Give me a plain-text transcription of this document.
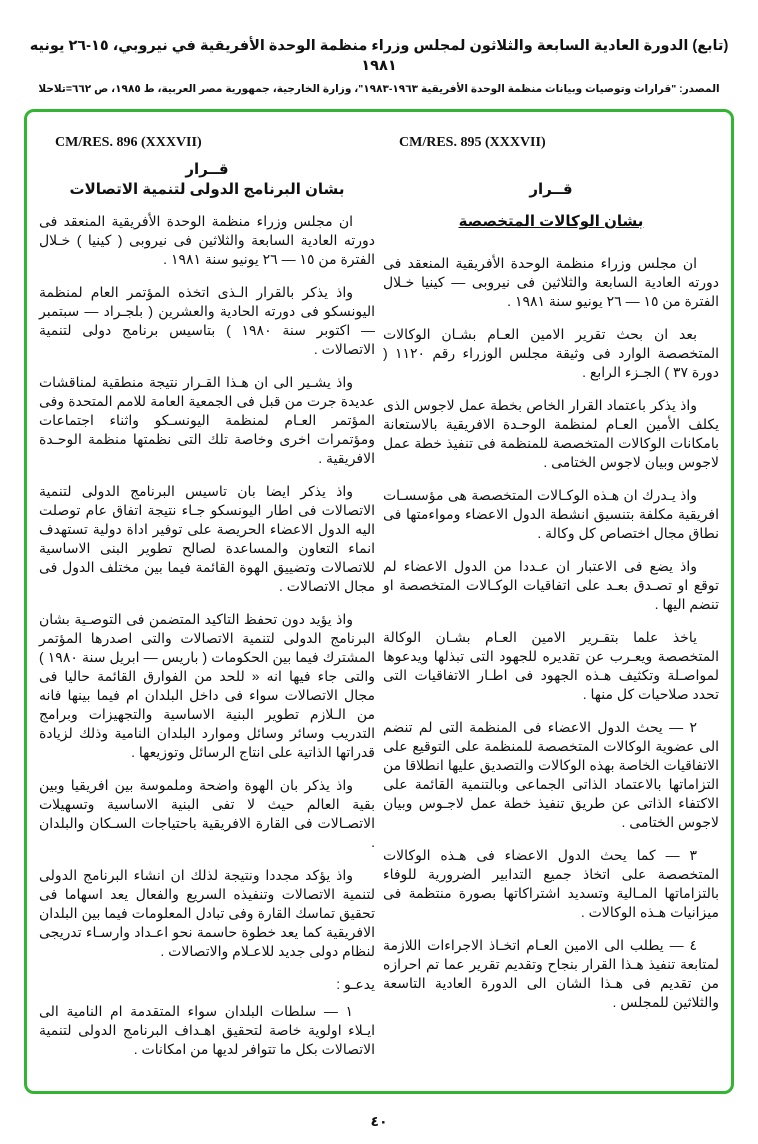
(تابع) الدورة العادية السابعة والثلاثون لمجلس وزراء منظمة الوحدة الأفريقية في نيروبي، ١٥-٢٦ يونيه ١٩٨١
المصدر: "قرارات وتوصيات وبيانات منظمة الوحدة الأفريقية ١٩٦٣-١٩٨٣"، وزارة الخارجية، جمهورية مصر العربية، ط ١٩٨٥، ص ٦٦٢=تلاحلا
CM/RES. 896 (XXXVII)
قــرار
بشان البرنامج الدولى لتنمية الاتصالات
ان مجلس وزراء منظمة الوحدة الأفريقية المنعقد فى دورته العادية السابعة والثلاثين فى نيروبى ( كينيا ) خـلال الفترة من ١٥ — ٢٦ يونيو سنة ١٩٨١ .
واذ يذكر بالقرار الـذى اتخذه المؤتمر العام لمنظمة اليونسكو فى دورته الحادية والعشرين ( بلجـراد — سبتمبر — اكتوبر سنة ١٩٨٠ ) بتاسيس برنامج دولى لتنمية الاتصالات .
واذ يشـير الى ان هـذا القـرار نتيجة منطقية لمناقشات عديدة جرت من قبل فى الجمعية العامة للامم المتحدة وفى المؤتمر العـام لمنظمة اليونسـكو واثناء اجتماعات ومؤتمرات اخرى وخاصة تلك التى نظمتها منظمة الوحـدة الافريقية .
واذ يذكر ايضا بان تاسيس البرنامج الدولى لتنمية الاتصالات فى اطار اليونسكو جـاء نتيجة اتفاق عام توصلت اليه الدول الاعضاء الحريصة على توفير اداة دولية تستهدف انماء التعاون والمساعدة لصالح تطوير البنى الاساسية للاتصالات وتضييق الهوة القائمة فيما بين مختلف الدول فى مجال الاتصالات .
واذ يؤيد دون تحفظ التاكيد المتضمن فى التوصـية بشان البرنامج الدولى لتنمية الاتصالات والتى اصدرها المؤتمر المشترك فيما بين الحكومات ( باريس — ابريل سنة ١٩٨٠ ) والتى جاء فيها انه « للحد من الفوارق القائمة حاليا فى مجال الاتصالات سواء فى داخل البلدان ام فيما بينها فانه من الـلازم تطوير البنية الاساسية والتجهيزات وبرامج التدريب وسائر وسائل وموارد البلدان النامية وذلك لزيادة قدراتها الذاتية على انتاج الرسائل وتوزيعها .
واذ يذكر بان الهوة واضحة وملموسة بين افريقيا وبين بقية العالم حيث لا تفى البنية الاساسية وتسهيلات الاتصـالات فى القارة الافريقية باحتياجات السـكان والبلدان .
واذ يؤكد مجددا ونتيجة لذلك ان انشاء البرنامج الدولى لتنمية الاتصالات وتنفيذه السريع والفعال يعد اسهاما فى تحقيق تماسك القارة وفى تبادل المعلومات فيما بين البلدان الافريقية كما يعد خطوة حاسمة نحو اعـداد وارسـاء تدريجى لنظام دولى جديد للاعـلام والاتصالات .
يدعـو :
١ — سلطات البلدان سواء المتقدمة ام النامية الى ايـلاء اولوية خاصة لتحقيق اهـداف البرنامج الدولى لتنمية الاتصالات بكل ما تتوافر لديها من امكانات .
CM/RES. 895 (XXXVII)
قــرار
بشان الوكالات المتخصصة
ان مجلس وزراء منظمة الوحدة الأفريقية المنعقد فى دورته العادية السابعة والثلاثين فى نيروبى — كينيا خـلال الفترة من ١٥ — ٢٦ يونيو سنة ١٩٨١ .
بعد ان بحث تقرير الامين العـام بشـان الوكالات المتخصصة الوارد فى وثيقة مجلس الوزراء رقم ١١٢٠ ( دورة ٣٧ ) الجـزء الرابع .
واذ يذكر باعتماد القرار الخاص بخطة عمل لاجوس الذى يكلف الأمين العـام لمنظمة الوحـدة الافريقية بالاستعانة بامكانات الوكالات المتخصصة للمنظمة فى تنفيذ خطة عمل لاجوس وبيان لاجوس الختامى .
واذ يـدرك ان هـذه الوكـالات المتخصصة هى مؤسسـات افريقية مكلفة بتنسيق انشطة الدول الاعضاء ومواءمتها فى نطاق مجال اختصاص كل وكالة .
واذ يضع فى الاعتبار ان عـددا من الدول الاعضاء لم توقع او تصـدق بعـد على اتفاقيات الوكـالات المتخصصة او تنضم اليها .
ياخذ علما بتقـرير الامين العـام بشـان الوكالة المتخصصة ويعـرب عن تقديره للجهود التى تبذلها ويدعوها لمواصـلة وتكثيف هـذه الجهود فى اطـار الاتفاقيات التى تحدد صلاحيات كل منها .
٢ — يحث الدول الاعضاء فى المنظمة التى لم تنضم الى عضوية الوكالات المتخصصة للمنظمة على التوقيع على الاتفاقيات الخاصة بهذه الوكالات والتصديق عليها انطلاقا من التزاماتها بالاعتماد الذاتى الجماعى وبالتنمية القائمة على الاكتفاء الذاتى عن طريق تنفيذ خطة عمل لاجـوس وبيان لاجوس الختامى .
٣ — كما يحث الدول الاعضاء فى هـذه الوكالات المتخصصة على اتخاذ جميع التدابير الضرورية للوفاء بالتزاماتها المـالية وتسديد اشتراكاتها بصورة منتظمة فى ميزانيات هـذه الوكالات .
٤ — يطلب الى الامين العـام اتخـاذ الاجراءات اللازمة لمتابعة تنفيذ هـذا القرار بنجاح وتقديم تقرير عما تم احرازه من تقديم فى هـذا الشان الى الدورة العادية التاسعة والثلاثين للمجلس .
٤٠
